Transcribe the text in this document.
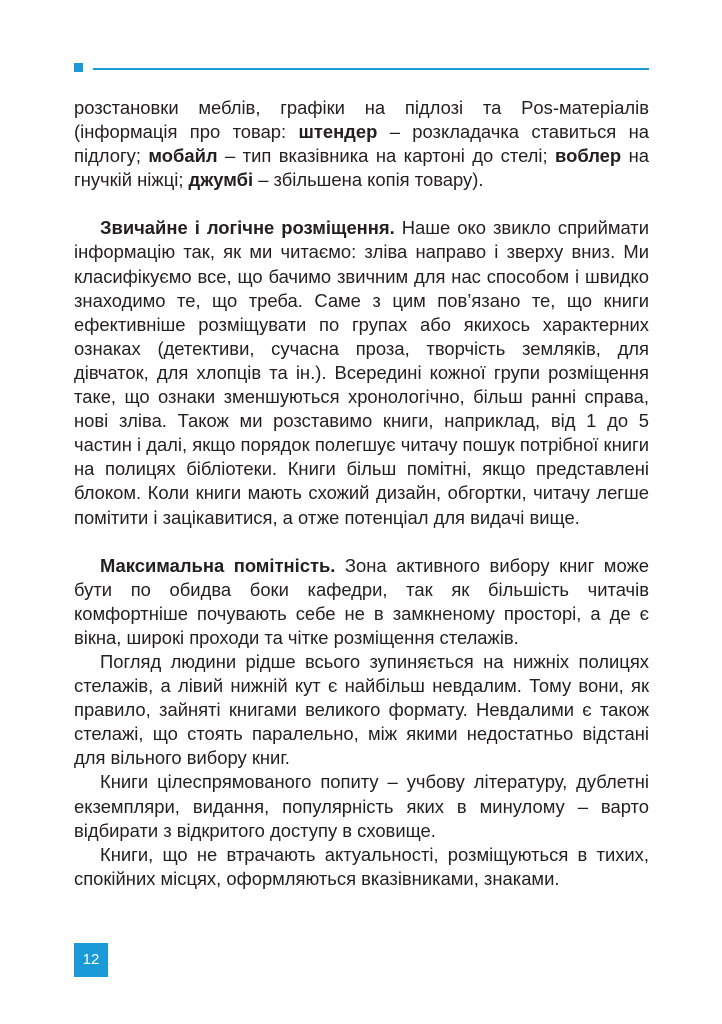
розстановки меблів, графіки на підлозі та Pos-матеріалів (інформація про товар: штендер – розкладачка ставиться на підлогу; мобайл – тип вказівника на картоні до стелі; воблер на гнучкій ніжці; джумбі – збільшена копія товару).

Звичайне і логічне розміщення. Наше око звикло сприймати інформацію так, як ми читаємо: зліва направо і зверху вниз. Ми класифікуємо все, що бачимо звичним для нас способом і швидко знаходимо те, що треба. Саме з цим пов’язано те, що книги ефективніше розміщувати по групах або якихось характерних ознаках (детективи, сучасна проза, творчість земляків, для дівчаток, для хлопців та ін.). Всередині кожної групи розміщення таке, що ознаки зменшуються хронологічно, більш ранні справа, нові зліва. Також ми розставимо книги, наприклад, від 1 до 5 частин і далі, якщо порядок полегшує читачу пошук потрібної книги на полицях бібліотеки. Книги більш помітні, якщо представлені блоком. Коли книги мають схожий дизайн, обгортки, читачу легше помітити і зацікавитися, а отже потенціал для видачі вище.

Максимальна помітність. Зона активного вибору книг може бути по обидва боки кафедри, так як більшість читачів комфортніше почувають себе не в замкненому просторі, а де є вікна, широкі проходи та чітке розміщення стелажів.

Погляд людини рідше всього зупиняється на нижніх полицях стелажів, а лівий нижній кут є найбільш невдалим. Тому вони, як правило, зайняті книгами великого формату. Невдалими є також стелажі, що стоять паралельно, між якими недостатньо відстані для вільного вибору книг.

Книги цілеспрямованого попиту – учбову літературу, дублетні екземпляри, видання, популярність яких в минулому – варто відбирати з відкритого доступу в сховище.

Книги, що не втрачають актуальності, розміщуються в тихих, спокійних місцях, оформляються вказівниками, знаками.

12
